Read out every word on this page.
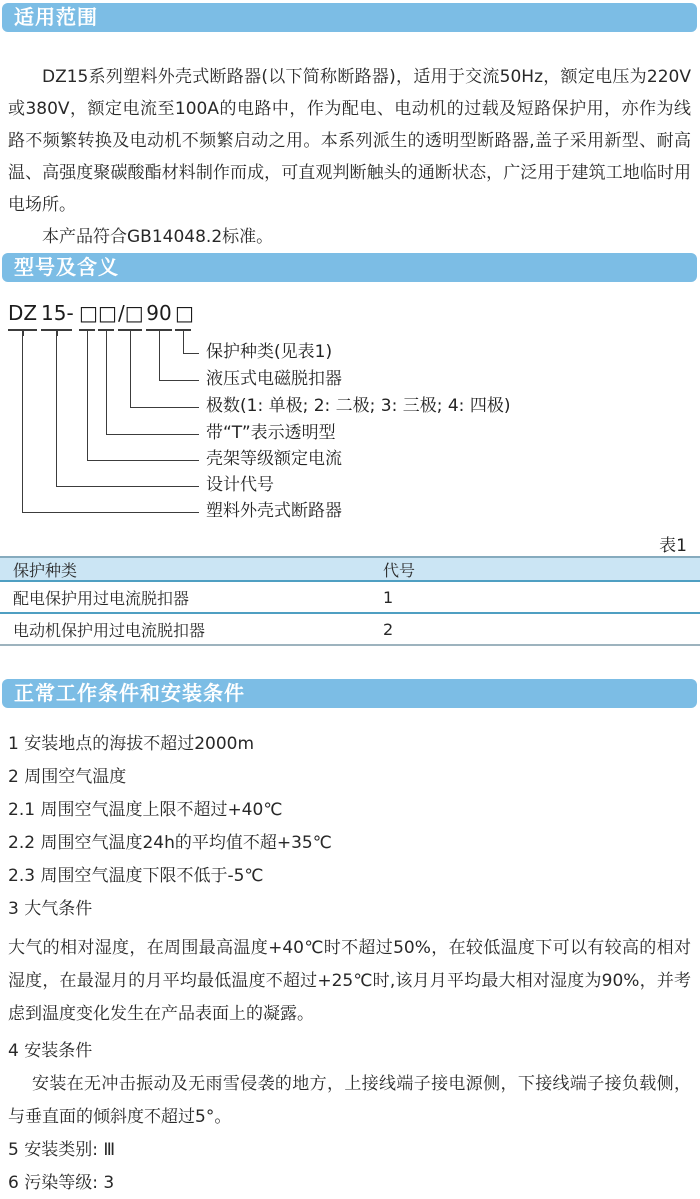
适用范围

DZ15系列塑料外壳式断路器(以下简称断路器)，适用于交流50Hz，额定电压为220V或380V，额定电流至100A的电路中，作为配电、电动机的过载及短路保护用，亦作为线路不频繁转换及电动机不频繁启动之用。本系列派生的透明型断路器,盖子采用新型、耐高温、高强度聚碳酸酯材料制作而成，可直观判断触头的通断状态，广泛用于建筑工地临时用电场所。

本产品符合GB14048.2标准。

型号及含义
DZ 15- □ □ /□ 90 □
保护种类(见表1)
液压式电磁脱扣器
极数(1: 单极; 2: 二极; 3: 三极; 4: 四极)
带“T”表示透明型
壳架等级额定电流
设计代号
塑料外壳式断路器
表1
保护种类	代号
配电保护用过电流脱扣器	1
电动机保护用过电流脱扣器	2
正常工作条件和安装条件

1 安装地点的海拔不超过2000m

2 周围空气温度

2.1 周围空气温度上限不超过+40℃

2.2 周围空气温度24h的平均值不超+35℃

2.3 周围空气温度下限不低于-5℃

3 大气条件

大气的相对湿度，在周围最高温度+40℃时不超过50%，在较低温度下可以有较高的相对湿度，在最湿月的月平均最低温度不超过+25℃时,该月月平均最大相对湿度为90%，并考虑到温度变化发生在产品表面上的凝露。

4 安装条件

安装在无冲击振动及无雨雪侵袭的地方，上接线端子接电源侧，下接线端子接负载侧，与垂直面的倾斜度不超过5°。

5 安装类别: Ⅲ

6 污染等级: 3
